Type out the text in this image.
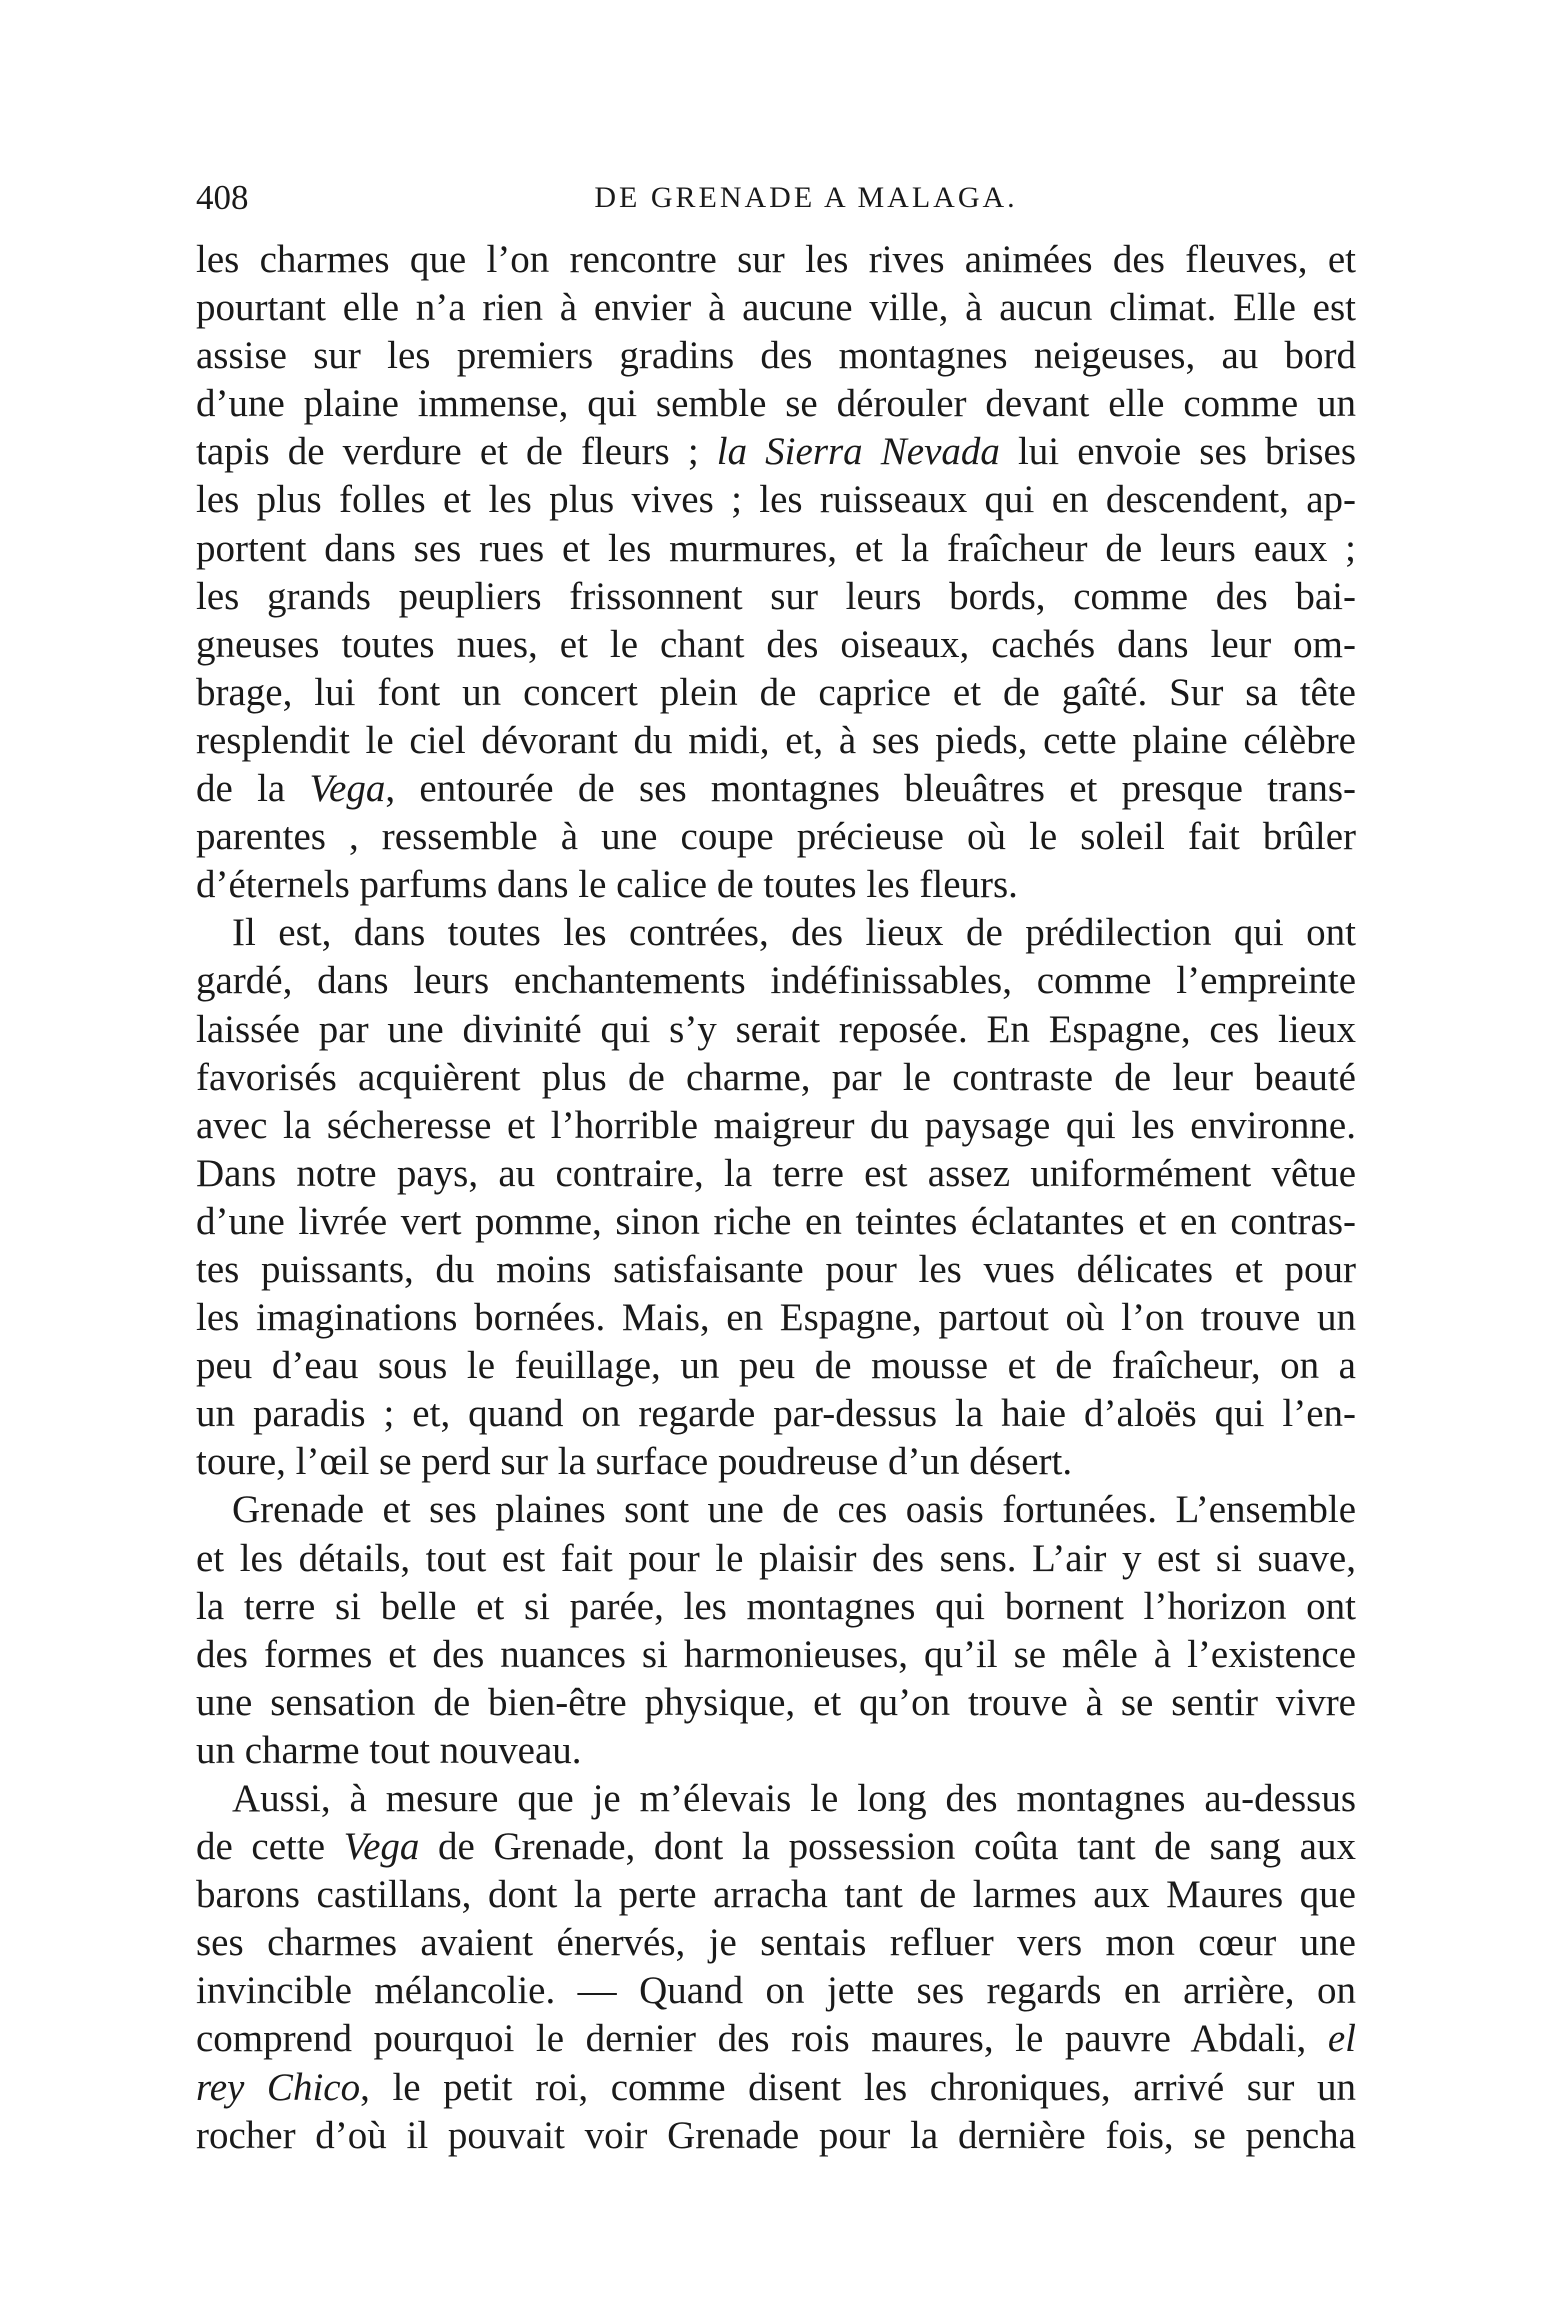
408	DE GRENADE A MALAGA.
les charmes que l’on rencontre sur les rives animées des fleuves, et
pourtant elle n’a rien à envier à aucune ville, à aucun climat. Elle est
assise sur les premiers gradins des montagnes neigeuses, au bord
d’une plaine immense, qui semble se dérouler devant elle comme un
tapis de verdure et de fleurs ; la Sierra Nevada lui envoie ses brises
les plus folles et les plus vives ; les ruisseaux qui en descendent, ap-
portent dans ses rues et les murmures, et la fraîcheur de leurs eaux ;
les grands peupliers frissonnent sur leurs bords, comme des bai-
gneuses toutes nues, et le chant des oiseaux, cachés dans leur om-
brage, lui font un concert plein de caprice et de gaîté. Sur sa tête
resplendit le ciel dévorant du midi, et, à ses pieds, cette plaine célèbre
de la Vega, entourée de ses montagnes bleuâtres et presque trans-
parentes , ressemble à une coupe précieuse où le soleil fait brûler
d’éternels parfums dans le calice de toutes les fleurs.
Il est, dans toutes les contrées, des lieux de prédilection qui ont
gardé, dans leurs enchantements indéfinissables, comme l’empreinte
laissée par une divinité qui s’y serait reposée. En Espagne, ces lieux
favorisés acquièrent plus de charme, par le contraste de leur beauté
avec la sécheresse et l’horrible maigreur du paysage qui les environne.
Dans notre pays, au contraire, la terre est assez uniformément vêtue
d’une livrée vert pomme, sinon riche en teintes éclatantes et en contras-
tes puissants, du moins satisfaisante pour les vues délicates et pour
les imaginations bornées. Mais, en Espagne, partout où l’on trouve un
peu d’eau sous le feuillage, un peu de mousse et de fraîcheur, on a
un paradis ; et, quand on regarde par-dessus la haie d’aloës qui l’en-
toure, l’œil se perd sur la surface poudreuse d’un désert.
Grenade et ses plaines sont une de ces oasis fortunées. L’ensemble
et les détails, tout est fait pour le plaisir des sens. L’air y est si suave,
la terre si belle et si parée, les montagnes qui bornent l’horizon ont
des formes et des nuances si harmonieuses, qu’il se mêle à l’existence
une sensation de bien-être physique, et qu’on trouve à se sentir vivre
un charme tout nouveau.
Aussi, à mesure que je m’élevais le long des montagnes au-dessus
de cette Vega de Grenade, dont la possession coûta tant de sang aux
barons castillans, dont la perte arracha tant de larmes aux Maures que
ses charmes avaient énervés, je sentais refluer vers mon cœur une
invincible mélancolie. — Quand on jette ses regards en arrière, on
comprend pourquoi le dernier des rois maures, le pauvre Abdali, el
rey Chico, le petit roi, comme disent les chroniques, arrivé sur un
rocher d’où il pouvait voir Grenade pour la dernière fois, se pencha
